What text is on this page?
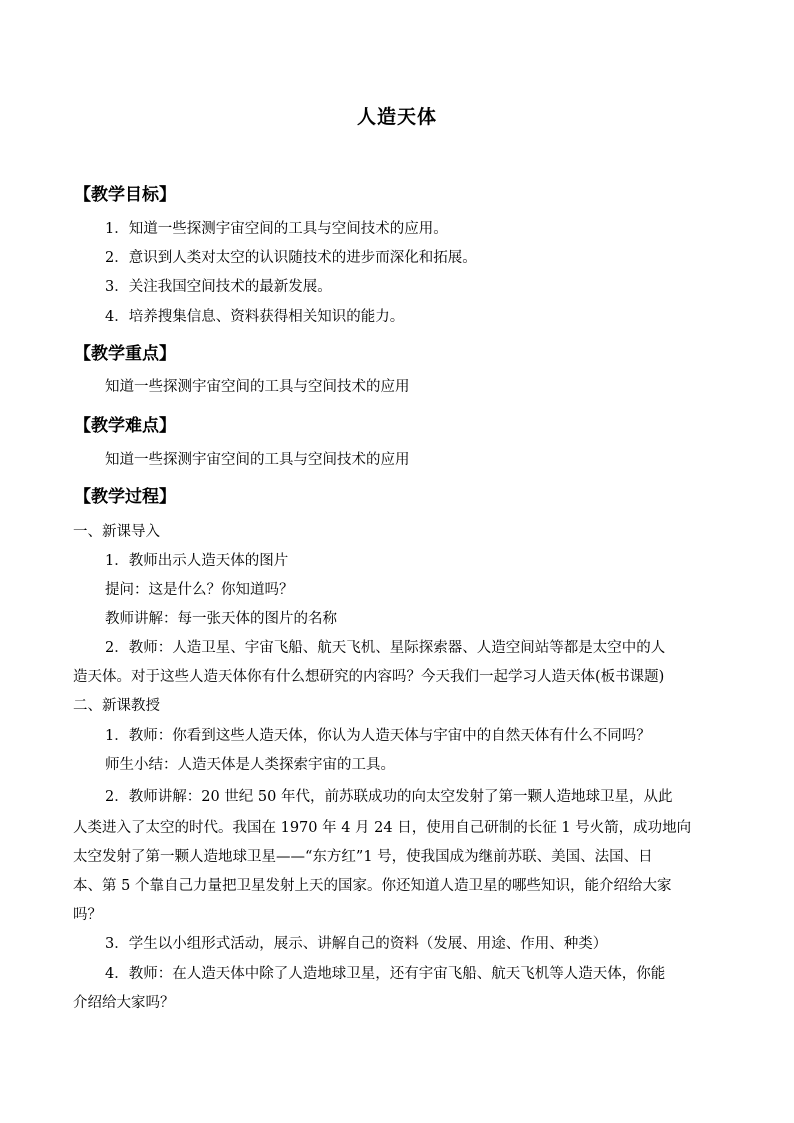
人造天体
【教学目标】
1．知道一些探测宇宙空间的工具与空间技术的应用。
2．意识到人类对太空的认识随技术的进步而深化和拓展。
3．关注我国空间技术的最新发展。
4．培养搜集信息、资料获得相关知识的能力。
【教学重点】
知道一些探测宇宙空间的工具与空间技术的应用
【教学难点】
知道一些探测宇宙空间的工具与空间技术的应用
【教学过程】
一、新课导入
1．教师出示人造天体的图片
提问：这是什么？你知道吗？
教师讲解：每一张天体的图片的名称
2．教师：人造卫星、宇宙飞船、航天飞机、星际探索器、人造空间站等都是太空中的人
造天体。对于这些人造天体你有什么想研究的内容吗？今天我们一起学习人造天体(板书课题)
二、新课教授
1．教师：你看到这些人造天体，你认为人造天体与宇宙中的自然天体有什么不同吗？
师生小结：人造天体是人类探索宇宙的工具。
2．教师讲解：20 世纪 50 年代，前苏联成功的向太空发射了第一颗人造地球卫星，从此
人类进入了太空的时代。我国在 1970 年 4 月 24 日，使用自己研制的长征 1 号火箭，成功地向
太空发射了第一颗人造地球卫星——“东方红”1 号，使我国成为继前苏联、美国、法国、日
本、第 5 个靠自己力量把卫星发射上天的国家。你还知道人造卫星的哪些知识，能介绍给大家
吗？
3．学生以小组形式活动，展示、讲解自己的资料（发展、用途、作用、种类）
4．教师：在人造天体中除了人造地球卫星，还有宇宙飞船、航天飞机等人造天体，你能
介绍给大家吗？
